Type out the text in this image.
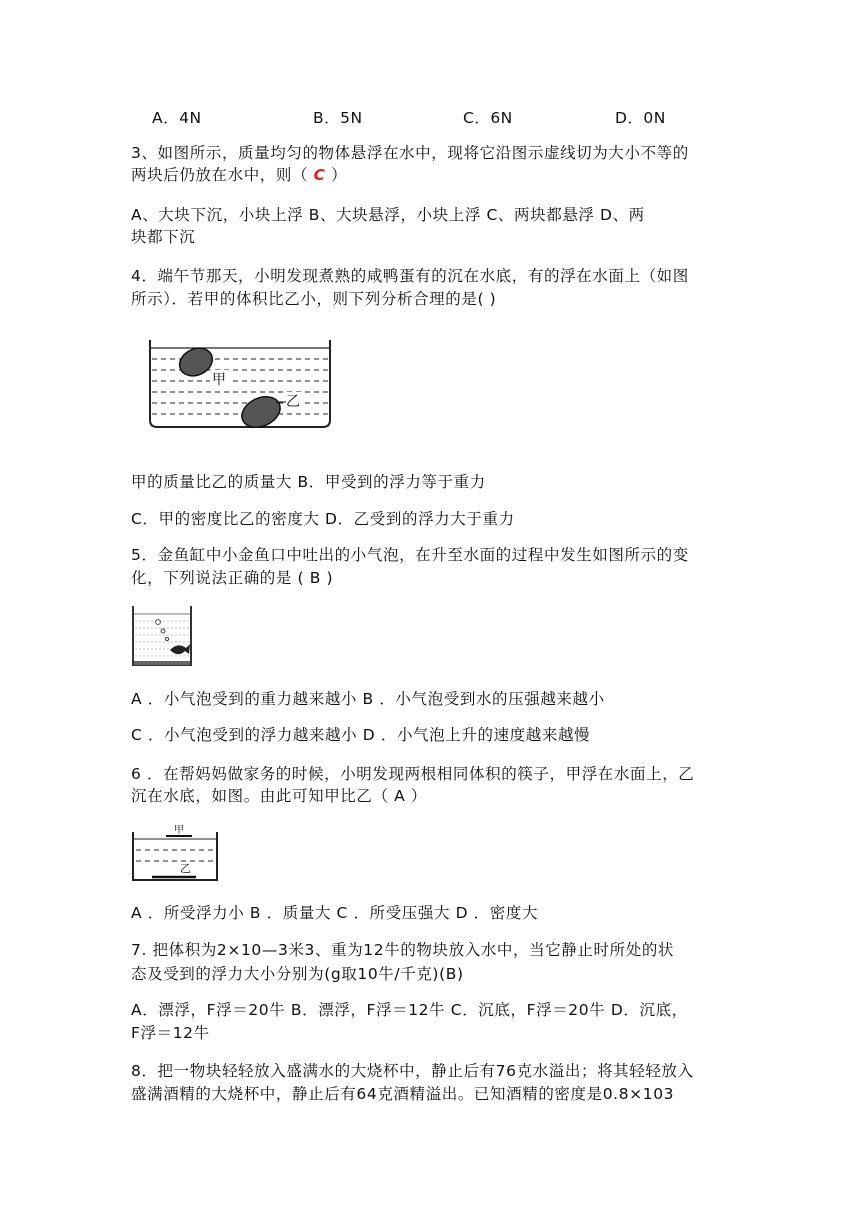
A．4N	B．5N	C．6N	D．0N
3、如图所示，质量均匀的物体悬浮在水中，现将它沿图示虚线切为大小不等的
两块后仍放在水中，则（ C ）
A、大块下沉，小块上浮 B、大块悬浮，小块上浮 C、两块都悬浮 D、两
块都下沉
4．端午节那天，小明发现煮熟的咸鸭蛋有的沉在水底，有的浮在水面上（如图
所示）．若甲的体积比乙小，则下列分析合理的是( )
甲
乙
甲的质量比乙的质量大 B．甲受到的浮力等于重力
C．甲的密度比乙的密度大 D．乙受到的浮力大于重力
5．金鱼缸中小金鱼口中吐出的小气泡，在升至水面的过程中发生如图所示的变
化，下列说法正确的是 ( B )
A ．小气泡受到的重力越来越小 B ．小气泡受到水的压强越来越小
C ．小气泡受到的浮力越来越小 D ．小气泡上升的速度越来越慢
6 ．在帮妈妈做家务的时候，小明发现两根相同体积的筷子，甲浮在水面上，乙
沉在水底，如图。由此可知甲比乙（ A ）
甲
乙
A ．所受浮力小 B ．质量大 C ．所受压强大 D ．密度大
7. 把体积为2×10—3米3、重为12牛的物块放入水中，当它静止时所处的状
态及受到的浮力大小分别为(g取10牛/千克)(B)
A．漂浮，F浮＝20牛 B．漂浮，F浮＝12牛 C．沉底，F浮＝20牛 D．沉底，
F浮＝12牛
8．把一物块轻轻放入盛满水的大烧杯中，静止后有76克水溢出；将其轻轻放入
盛满酒精的大烧杯中，静止后有64克酒精溢出。已知酒精的密度是0.8×103
